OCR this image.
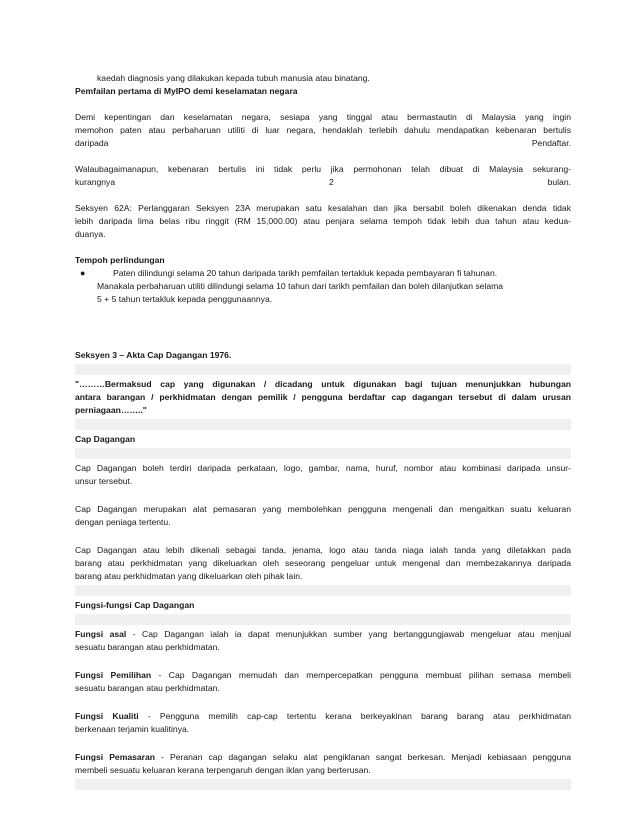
kaedah diagnosis yang dilakukan kepada tubuh manusia atau binatang.

Pemfailan pertama di MyIPO demi keselamatan negara

Demi kepentingan dan keselamatan negara, sesiapa yang tinggal atau bermastautin di Malaysia yang ingin

memohon paten atau perbaharuan utiliti di luar negara, hendaklah terlebih dahulu mendapatkan kebenaran bertulis

daripada	Pendaftar.

Walaubagaimanapun, kebenaran bertulis ini tidak perlu jika permohonan telah dibuat di Malaysia sekurang-

kurangnya	2	bulan.

Seksyen 62A: Perlanggaran Seksyen 23A merupakan satu kesalahan dan jika bersabit boleh dikenakan denda tidak

lebih daripada lima belas ribu ringgit (RM 15,000.00) atau penjara selama tempoh tidak lebih dua tahun atau kedua-

duanya.

Tempoh perlindungan

●	Paten dilindungi selama 20 tahun daripada tarikh pemfailan tertakluk kepada pembayaran fi tahunan.

Manakala perbaharuan utiliti dilindungi selama 10 tahun dari tarikh pemfailan dan boleh dilanjutkan selama

5 + 5 tahun tertakluk kepada penggunaannya.

Seksyen 3 – Akta Cap Dagangan 1976.

"………Bermaksud cap yang digunakan / dicadang untuk digunakan bagi tujuan menunjukkan hubungan

antara barangan / perkhidmatan dengan pemilik / pengguna berdaftar cap dagangan tersebut di dalam urusan

perniagaan…….."

Cap Dagangan

Cap Dagangan boleh terdiri daripada perkataan, logo, gambar, nama, huruf, nombor atau kombinasi daripada unsur-

unsur tersebut.

Cap Dagangan merupakan alat pemasaran yang membolehkan pengguna mengenali dan mengaitkan suatu keluaran

dengan peniaga tertentu.

Cap Dagangan atau lebih dikenali sebagai tanda, jenama, logo atau tanda niaga ialah tanda yang diletakkan pada

barang atau perkhidmatan yang dikeluarkan oleh seseorang pengeluar untuk mengenal dan membezakannya daripada

barang atau perkhidmatan yang dikeluarkan oleh pihak lain.

Fungsi-fungsi Cap Dagangan

Fungsi asal - Cap Dagangan ialah ia dapat menunjukkan sumber yang bertanggungjawab mengeluar atau menjual

sesuatu barangan atau perkhidmatan.

Fungsi Pemilihan - Cap Dagangan memudah dan mempercepatkan pengguna membuat pilihan semasa membeli

sesuatu barangan atau perkhidmatan.

Fungsi Kualiti - Pengguna memilih cap-cap tertentu kerana berkeyakinan barang barang atau perkhidmatan

berkenaan terjamin kualitinya.

Fungsi Pemasaran - Peranan cap dagangan selaku alat pengiklanan sangat berkesan. Menjadi kebiasaan pengguna

membeli sesuatu keluaran kerana terpengaruh dengan iklan yang berterusan.
